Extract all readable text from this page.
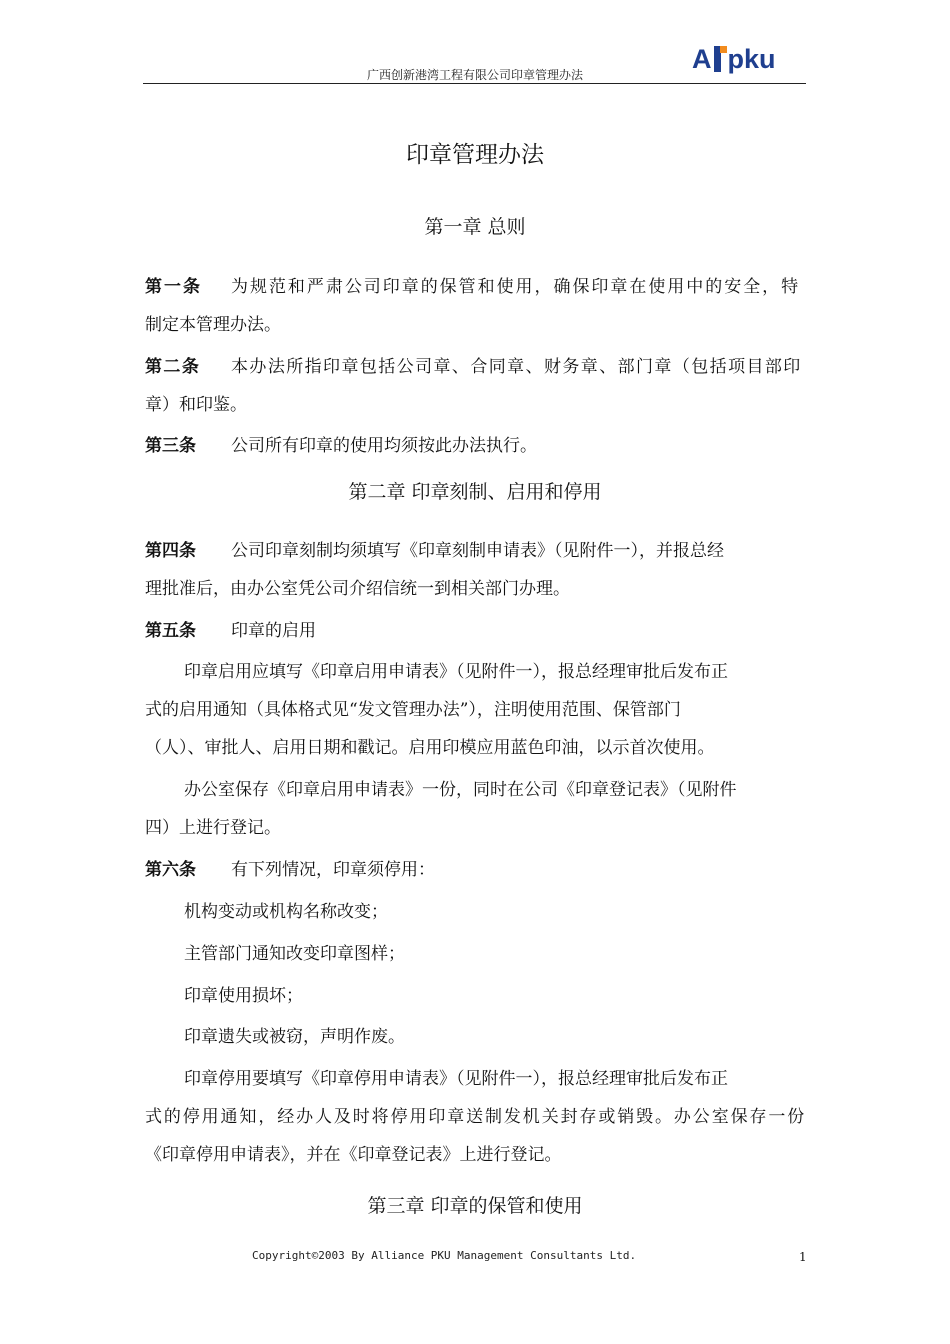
广西创新港湾工程有限公司印章管理办法
A pku
印章管理办法
第一章 总则
第一条 为规范和严肃公司印章的保管和使用，确保印章在使用中的安全，特
制定本管理办法。
第二条 本办法所指印章包括公司章、合同章、财务章、部门章（包括项目部印
章）和印鉴。
第三条 公司所有印章的使用均须按此办法执行。
第二章 印章刻制、启用和停用
第四条 公司印章刻制均须填写《印章刻制申请表》（见附件一），并报总经
理批准后，由办公室凭公司介绍信统一到相关部门办理。
第五条 印章的启用
印章启用应填写《印章启用申请表》（见附件一），报总经理审批后发布正
式的启用通知（具体格式见“发文管理办法”），注明使用范围、保管部门
（人）、审批人、启用日期和戳记。启用印模应用蓝色印油，以示首次使用。
办公室保存《印章启用申请表》一份，同时在公司《印章登记表》（见附件
四）上进行登记。
第六条 有下列情况，印章须停用：
机构变动或机构名称改变；
主管部门通知改变印章图样；
印章使用损坏；
印章遗失或被窃，声明作废。
印章停用要填写《印章停用申请表》（见附件一），报总经理审批后发布正
式的停用通知，经办人及时将停用印章送制发机关封存或销毁。办公室保存一份
《印章停用申请表》，并在《印章登记表》上进行登记。
第三章 印章的保管和使用
Copyright©2003 By Alliance PKU Management Consultants Ltd.	1
